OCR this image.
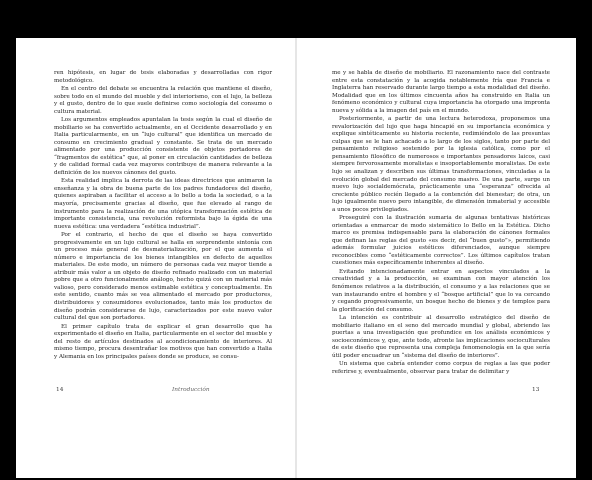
ren hipótesis, en lugar de tesis elaboradas y desarrolladas con rigor metodológico.

En el centro del debate se encuentra la relación que mantiene el diseño, sobre todo en el mundo del mueble y del interiorismo, con el lujo, la belleza y el gusto, dentro de lo que suele definirse como sociología del consumo o cultura material.

Los argumentos empleados apuntalan la tesis según la cual el diseño de mobiliario se ha convertido actualmente, en el Occidente desarrollado y en Italia particularmente, en un “lujo cultural” que identifica un mercado de consumo en crecimiento gradual y constante. Se trata de un mercado alimentado por una producción consistente de objetos portadores de “fragmentos de estética” que, al poner en circulación cantidades de belleza y de calidad formal cada vez mayores contribuye de manera relevante a la definición de los nuevos cánones del gusto.

Esta realidad implica la derrota de las ideas directrices que animaron la enseñanza y la obra de buena parte de los padres fundadores del diseño, quienes aspiraban a facilitar el acceso a lo bello a toda la sociedad, o a la mayoría, precisamente gracias al diseño, que fue elevado al rango de instrumento para la realización de una utópica transformación estética de importante consistencia, una revolución reformista bajo la égida de una nueva estética: una verdadera “estética industrial”.

Por el contrario, el hecho de que el diseño se haya convertido progresivamente en un lujo cultural se halla en sorprendente sintonía con un proceso más general de desmaterialización, por el que aumenta el número e importancia de los bienes intangibles en defecto de aquellos materiales. De este modo, un número de personas cada vez mayor tiende a atribuir más valor a un objeto de diseño refinado realizado con un material pobre que a otro funcionalmente análogo, hecho quizá con un material más valioso, pero considerado menos estimable estética y conceptualmente. En este sentido, cuanto más se vea alimentado el mercado por productores, distribuidores y consumidores evolucionados, tanto más los productos de diseño podrán considerarse de lujo, caracterizados por este nuevo valor cultural del que son portadores.

El primer capítulo trata de explicar el gran desarrollo que ha experimentado el diseño en Italia, particularmente en el sector del mueble y del resto de artículos destinados al acondicionamiento de interiores. Al mismo tiempo, procura desentrañar los motivos que han convertido a Italia y Alemania en los principales países donde se produce, se consu-

14	Introducción

me y se habla de diseño de mobiliario. El razonamiento nace del contraste entre esta constatación y la acogida notablemente fría que Francia e Inglaterra han reservado durante largo tiempo a esta modalidad del diseño. Modalidad que en los últimos cincuenta años ha construido en Italia un fenómeno económico y cultural cuya importancia ha otorgado una impronta nueva y sólida a la imagen del país en el mundo.

Posteriormente, a partir de una lectura heterodoxa, proponemos una revalorización del lujo que haga hincapié en su importancia económica y explique sintéticamente su historia reciente, redimiéndolo de las presuntas culpas que se le han achacado a lo largo de los siglos, tanto por parte del pensamiento religioso sostenido por la iglesia católica, como por el pensamiento filosófico de numerosos e importantes pensadores laicos, casi siempre fervorosamente moralistas e insoportablemente moralistas. De este lujo se analizan y describen sus últimas transformaciones, vinculadas a la evolución global del mercado del consumo masivo. De una parte, surge un nuevo lujo socialdemócrata, prácticamente una “esperanza” ofrecida al creciente público recién llegado a la contención del bienestar; de otra, un lujo igualmente nuevo pero intangible, de dimensión inmaterial y accesible a unos pocos privilegiados.

Proseguiré con la ilustración sumaria de algunas tentativas históricas orientadas a enmarcar de modo sistemático lo Bello en la Estética. Dicho marco es premisa indispensable para la elaboración de cánones formales que definan las reglas del gusto «es decir, del “buen gusto”», permitiendo además formular juicios estéticos diferenciados, aunque siempre reconocibles como “estéticamente correctos”. Los últimos capítulos tratan cuestiones más específicamente inherentes al diseño.

Evitando intencionadamente entrar en aspectos vinculados a la creatividad y a la producción, se examinan con mayor atención los fenómenos relativos a la distribución, el consumo y a las relaciones que se van instaurando entre el hombre y el “bosque artificial” que lo va cercando y cegando progresivamente, un bosque hecho de bienes y de templos para la glorificación del consumo.

La intención es contribuir al desarrollo estratégico del diseño de mobiliario italiano en el seno del mercado mundial y global, abriendo las puertas a una investigación que profundice en los análisis económicos y socioeconómicos y, que, ante todo, afronte las implicaciones socioculturales de este diseño que representa una compleja fenomenología en la que sería útil poder encuadrar un “sistema del diseño de interiores”.

Un sistema que cabría entender como corpus de reglas a las que poder referirse y, eventualmente, observar para tratar de delimitar y

13
